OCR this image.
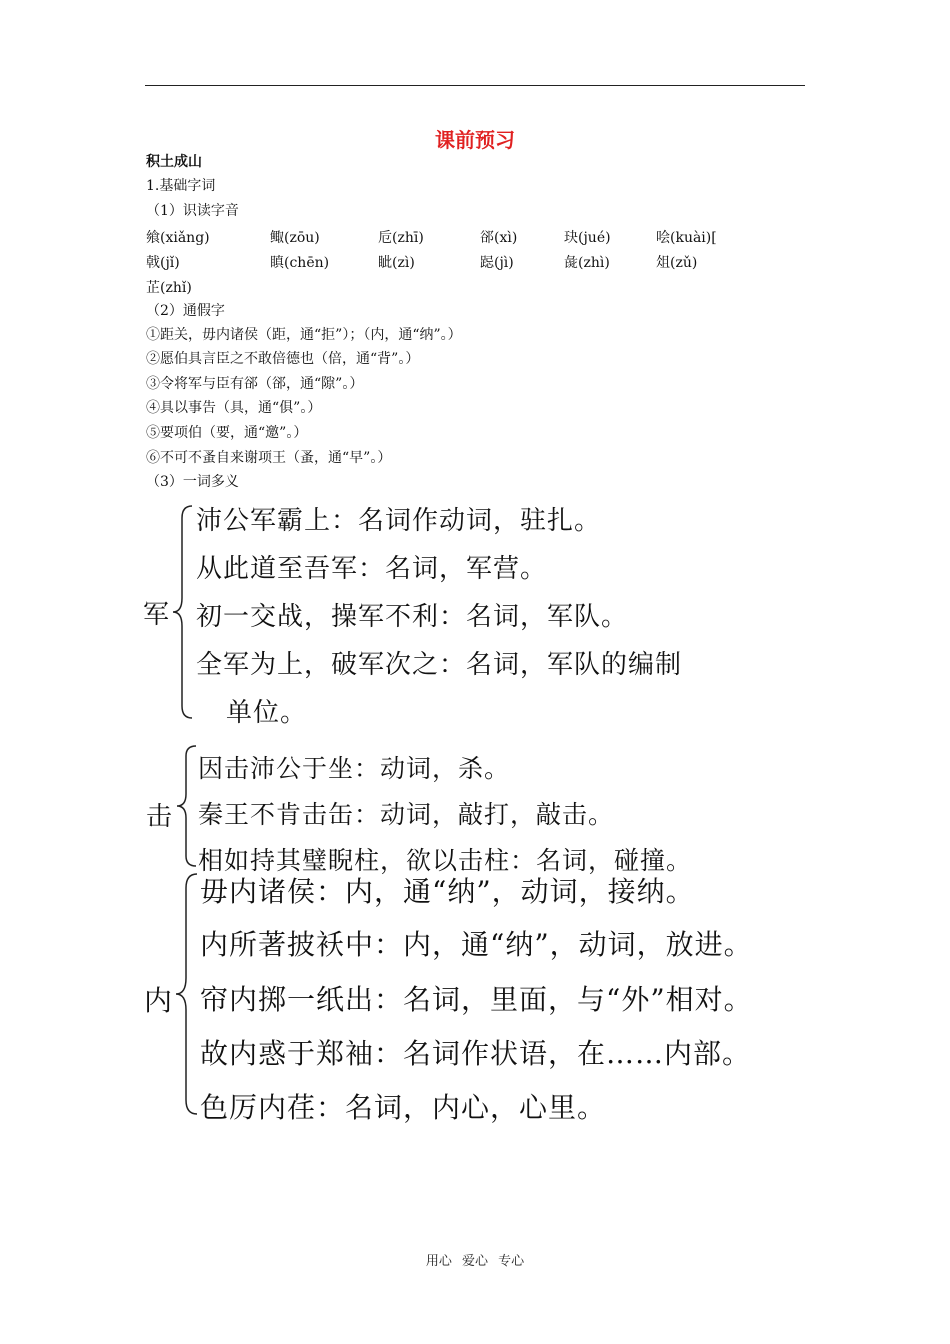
课前预习
积土成山
1.基础字词
（1）识读字音
飨(xiǎng)	鲰(zōu)	卮(zhī)	郤(xì)	玦(jué)	哙(kuài)[
戟(jǐ)	瞋(chēn)	眦(zì)	跽(jì)	彘(zhì)	俎(zǔ)
芷(zhǐ)
（2）通假字
①距关，毋内诸侯（距，通“拒”）；（内，通“纳”。）
②愿伯具言臣之不敢倍德也（倍，通“背”。）
③令将军与臣有郤（郤，通“隙”。）
④具以事告（具，通“俱”。）
⑤要项伯（要，通“邀”。）
⑥不可不蚤自来谢项王（蚤，通“早”。）
（3）一词多义
军
沛公军霸上：名词作动词，驻扎。
从此道至吾军：名词，军营。
初一交战，操军不利：名词，军队。
全军为上，破军次之：名词，军队的编制
单位。
击
因击沛公于坐：动词，杀。
秦王不肯击缶：动词，敲打，敲击。
相如持其璧睨柱，欲以击柱：名词，碰撞。
内
毋内诸侯：内，通“纳”，动词，接纳。
内所著披袄中：内，通“纳”，动词，放进。
帘内掷一纸出：名词，里面，与“外”相对。
故内惑于郑袖：名词作状语，在……内部。
色厉内荏：名词，内心，心里。
用心 爱心 专心
